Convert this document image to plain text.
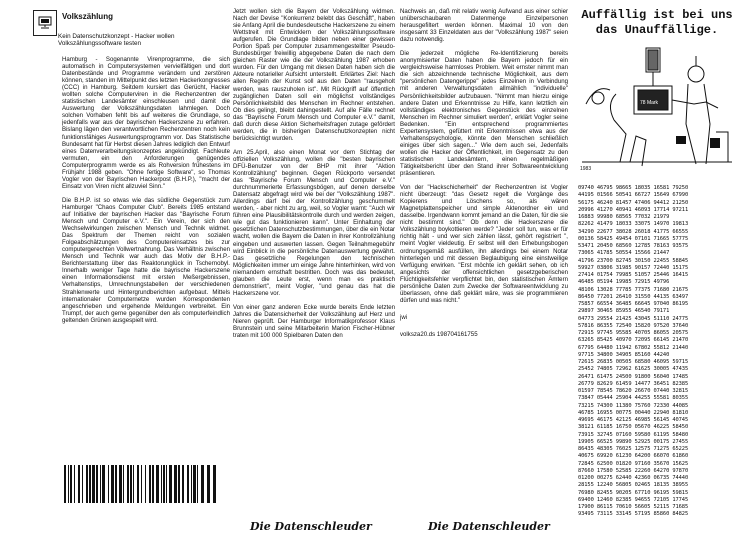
Volkszählung
Kein Datenschutzkonzept - Hacker wollen Volkszählungssoftware testen

Hamburg - Sogenannte Virenprogramme, die sich automatisch in Computersystemen vervielfältigen und dort Datenbestände und Programme verändern und zerstören können, standen im Mittelpunkt des letzten Hackerkongresses (CCC) in Hamburg. Seitdem kursiert das Gerücht, Hacker wollten solche Computerviren in die Rechenzentren der statistischen Landesämter einschleusen und damit die Auswertung der Volkszählungsdaten lahmlegen. Doch solchen Vorhaben fehlt bis auf weiteres die Grundlage, so jedenfalls war aus der bayrischen Hackerszene zu erfahren. Bislang lägen den verantwortlichen Rechenzentren noch kein funktionsfähiges Auswertungsprogramm vor. Das Statistische Bundesamt hat für Herbst diesen Jahres lediglich den Entwurf eines Datenverarbeitungskonzeptes angekündigt. Fachleute vermuten, ein den Anforderungen genügendes Computerprogramm werde es als Rohversion frühestens im Frühjahr 1988 geben. "Ohne fertige Software", so Thomas Vogler von der Bayrischen Hackerpost (B.H.P.), "macht der Einsatz von Viren nicht allzuviel Sinn."

Die B.H.P. ist so etwas wie das südliche Gegenstück zum Hamburger "Chaos Computer Club". Bereits 1985 entstand auf Initiative der bayrischen Hacker das "Bayrische Forum Mensch und Computer e.V.". Ein Verein, der sich den Wechselwirkungen zwischen Mensch und Technik widmet. Das Spektrum der Themen reicht von sozialen Folgeabschätzungen des Computereinsatzes bis zur computergerechten Vollwertnahrung. Das Verhältnis zwischen Mensch und Technik war auch das Motiv der B.H.P.-Berichterstattung über das Reaktorunglück in Tschernobyl. Innerhalb weniger Tage hatte die bayrische Hackerszene einen Informationsdienst mit ersten Meßergebnissen, Verhaltenstips, Umrechnungstabellen der verschiedenen Strahlenwerte und Hintergrundberichten aufgebaut. Mittels internationaler Computernetze wurden Korrespondenten angeschrieben und ergehende Meldungen verbreitet. Ein Trumpf, der auch gerne gegenüber den als computerfeindlich geltenden Grünen ausgespielt wird.

Jetzt wollen sich die Bayern der Volkszählung widmen. Nach der Devise "Konkurrenz belebt das Geschäft", haben sie Anfang April die bundesdeutsche Hackerszene zu einem Wettstreit mit Entwicklern der Volkszählungssoftware aufgerufen. Die Grundlage bilden neben einer gewissen Portion Spaß per Computer zusammengestellter Pseudo-Bundesbürger freiwillig abgegebene Daten die nach dem gleichen Raster wie die der Volkszählung 1987 erhoben wurden. Für den Umgang mit diesen Daten haben sich die Akteure notarieller Aufsicht unterstellt. Erklärtes Ziel: Nach allen Regeln der Kunst soll aus den Daten "rausgeholt werden, was rauszuholen ist". Mit Rückgriff auf öffentlich zugänglichen Daten soll ein möglichst vollständiges Persönlichkeitsbild des Menschen im Rechner entstehen. Ob dies gelingt, bleibt dahingestellt. Auf alle Fälle rechnet das "Bayrische Forum Mensch und Computer e.V." damit, daß durch diese Aktion Sicherheitsfragen zutage gefördert werden, die in bisherigen Datenschutzkonzepten nicht berücksichtigt wurden.

Am 25.April, also einen Monat vor dem Stichtag der offiziellen Volkszählung, wollen die "besten bayrischen DFÜ-Benutzer von der BHP mit ihrer "Aktion Kontrollzählung" beginnen. Gegen Rückporto versendet das "Bayrische Forum Mensch und Computer e.V." durchnummerierte Erfassungsbögen, auf denen derselbe Datensatz abgefragt wird wie bei der "Volkszählung 1987". Allerdings darf bei der Kontrollzählung geschummelt werden, - aber nicht zu arg, weil, so Vogler warnt: "Auch wir führen eine Plausibilitätskontrolle durch und werden zeigen, wie gut das funktionieren kann". Unter Einhaltung der gesetzlichen Datenschutzbestimmungen, über die ein Notar wacht, wollen die Bayern die Daten in ihrer Kontrollzählung eingeben und auswerten lassen. Gegen Teilnahmegebühr wird Einblick in die persönliche Datenauswertung gewährt. Das gesetzliche Regelungen den technischen Möglichkeiten immer um einige Jahre hinterhinken, wird von niemandem ernsthaft bestritten. Doch was das bedeutet, glauben die Leute erst, wenn man es praktisch demonstriert", meint Vogler, "und genau das hat die Hackerszene vor.

Von einer ganz anderen Ecke wurde bereits Ende letzten Jahres die Datensicherheit der Volkszählung auf Herz und Nieren geprüft. Der Hamburger Informatikprofessor Klaus Brunnstein und seine Mitarbeiterin Marion Fischer-Hübner traten mit 100 000 Spielbaren Daten den

Nachweis an, daß mit relativ wenig Aufwand aus einer schier unüberschaubaren Datenmenge Einzelpersonen herausgefiltert werden können. Maximal 10 von den insgesamt 33 Einzeldaten aus der "Volkszählung 1987" seien dazu notwendig.

Die jederzeit mögliche Re-Identifizierung bereits anonymisierter Daten haben die Bayern jedoch für ein vergleichsweise harmloses Problem. Weit ernster nimmt man die sich abzeichnende technische Möglichkeit, aus dem "persönlichen Datengerippe" jedes Einzelnen in Verbindung mit anderen Verwaltungsdaten allmählich "individuelle" Persönlichkeitsbilder aufzubauen. "Nimmt man hierzu einige andere Daten und Erkenntnisse zu Hilfe, kann letztlich ein vollständiges elektronisches Gegenstück des einzelnen Menschen im Rechner simuliert werden", erklärt Vogler seine Bedenken. "Ein entsprechend programmiertes Expertensystem, gefüttert mit Erkenntnissen etwa aus der Verhaltenspsychologie, könnte den Menschen schließlich einiges über sich sagen..." Wie dem auch sei, Jedenfalls wollen die Hacker der Öffentlichkeit, im Gegensatz zu den statistischen Landesämtern, einen regelmäßigen Tätigkeitsbericht über den Stand ihrer Softwareentwicklung präsentieren.

Von der "Hackschicherheit" der Rechenzentren ist Vogler nicht überzeugt: "das Gesetz regelt die Vorgänge des Kopierens und Löschens so, als wären Magnetplattenspeicher und simple Aktenordner ein und dasselbe. Irgendwann kommt jemand an die Daten, für die sie nicht bestimmt sind." Ob denn die Hackerszene die Volkszählung boykottieren werde? "Jeder soll tun, was er für richtig hält - und wer sich zählen lässt, gehört registriert ", meint Vogler vieldeutig. Er selbst will den Erhebungsbogen ordnungsgemäß ausfüllen, ihn allerdings bei einem Notar hinterlegen und mit dessen Beglaubigung eine einstweilige Verfügung erwirken. "Erst möchte ich geklärt sehen, ob ich angesichts der offensichtlichen gesetzgeberischen Flüchtigkeitsfehler verpflichtet bin, den statistischen Ämtern persönliche Daten zum Zwecke der Softwareentwicklung zu überlassen, ohne daß geklärt wäre, was sie programmieren dürfen und was nicht."

jwi
volksza20.ds 198704161755
Auffällig ist bei uns das Unauffällige.
78 Mark
1983
09740 46795 98665 18035 16581 79250
44195 01566 50541 66727 15649 67990
56175 46240 81457 47406 94412 21250
20996 41270 40941 46093 17714 97211
16883 99980 68565 77032 21979
82262 41479 18033 33075 14970 19813
34290 22677 38028 26018 41775 66555
00136 58425 49454 07101 71665 57775
53471 20450 68560 12785 78163 93575
73065 41785 50554 15566 21447
41796 23700 82745 30150 22455 58845
59927 03806 31985 90157 72440 15175
27414 01754 79985 51057 25446 16415
46485 05194 19985 72915 49796
48106 13028 77785 77375 71680 21675
86450 77201 26410 31550 44135 63497
75857 66554 36485 66645 97040 86195
29897 30465 85955 46540 79171
04773 29554 21425 43045 51110 24775
57816 86355 72540 15820 97520 37640
72915 97745 95585 40705 86055 20575
63265 85425 40970 72095 66145 21470
67795 64480 11942 67802 55812 21440
97715 34800 34905 85160 44240
72615 26835 00505 68580 46095 59715
25452 74805 72962 61625 30005 47435
26471 61475 24500 91800 56040 17485
26779 82629 61459 14477 36451 82385
01597 78545 78620 26670 07440 32815
73847 05444 25904 44255 55581 80355
73215 74300 11380 75760 72330 44085
46785 16955 00775 00440 22940 81810
49695 46175 42125 46985 56145 40745
38121 61185 16750 05670 46225 58450
73915 32745 07160 59580 61195 58480
19905 66525 99890 52925 00175 27455
86435 48305 76025 12575 71275 65225
40675 69920 61230 64200 66070 61860
72845 62500 01820 97160 35670 15625
87660 17580 52585 22260 64270 97870
01200 00275 62440 42360 06735 74440
28155 12240 56805 02465 18135 38955
76980 82455 90205 67710 96195 59815
69400 12460 82385 94655 72105 17745
17900 86115 70610 56605 52115 71685
93495 73115 33145 57195 85860 84825
Die Datenschleuder	Die Datenschleuder
